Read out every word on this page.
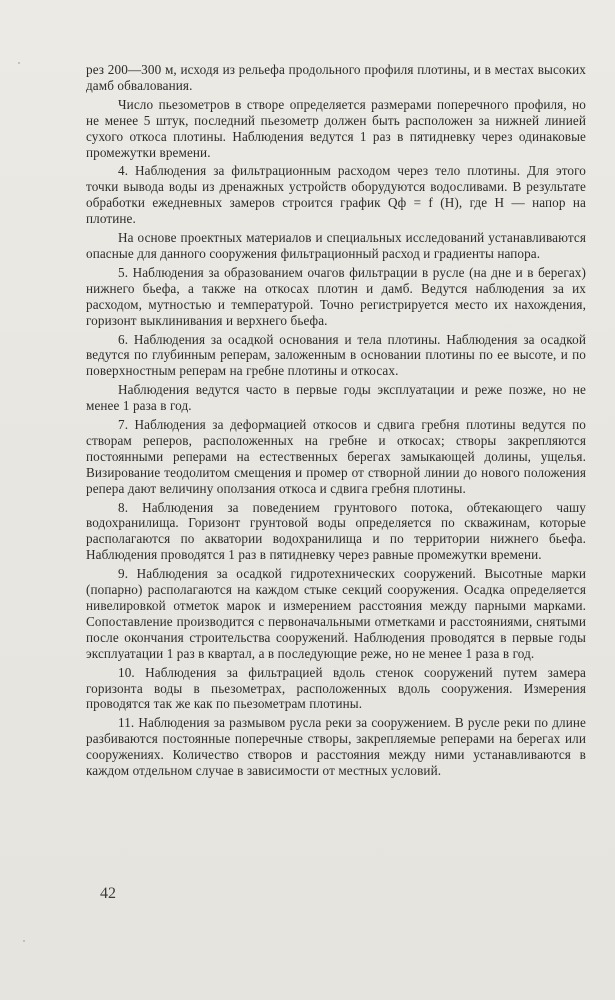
рез 200—300 м, исходя из рельефа продольного профиля плотины, и в местах высоких дамб обвалования.

Число пьезометров в створе определяется размерами поперечного профиля, но не менее 5 штук, последний пьезометр должен быть расположен за нижней линией сухого откоса плотины. Наблюдения ведутся 1 раз в пятидневку через одинаковые промежутки времени.

4. Наблюдения за фильтрационным расходом через тело плотины. Для этого точки вывода воды из дренажных устройств оборудуются водосливами. В результате обработки ежедневных замеров строится график Qф = f (H), где H — напор на плотине.

На основе проектных материалов и специальных исследований устанавливаются опасные для данного сооружения фильтрационный расход и градиенты напора.

5. Наблюдения за образованием очагов фильтрации в русле (на дне и в берегах) нижнего бьефа, а также на откосах плотин и дамб. Ведутся наблюдения за их расходом, мутностью и температурой. Точно регистрируется место их нахождения, горизонт выклинивания и верхнего бьефа.

6. Наблюдения за осадкой основания и тела плотины. Наблюдения за осадкой ведутся по глубинным реперам, заложенным в основании плотины по ее высоте, и по поверхностным реперам на гребне плотины и откосах.

Наблюдения ведутся часто в первые годы эксплуатации и реже позже, но не менее 1 раза в год.

7. Наблюдения за деформацией откосов и сдвига гребня плотины ведутся по створам реперов, расположенных на гребне и откосах; створы закрепляются постоянными реперами на естественных берегах замыкающей долины, ущелья. Визирование теодолитом смещения и промер от створной линии до нового положения репера дают величину оползания откоса и сдвига гребня плотины.

8. Наблюдения за поведением грунтового потока, обтекающего чашу водохранилища. Горизонт грунтовой воды определяется по скважинам, которые располагаются по акватории водохранилища и по территории нижнего бьефа. Наблюдения проводятся 1 раз в пятидневку через равные промежутки времени.

9. Наблюдения за осадкой гидротехнических сооружений. Высотные марки (попарно) располагаются на каждом стыке секций сооружения. Осадка определяется нивелировкой отметок марок и измерением расстояния между парными марками. Сопоставление производится с первоначальными отметками и расстояниями, снятыми после окончания строительства сооружений. Наблюдения проводятся в первые годы эксплуатации 1 раз в квартал, а в последующие реже, но не менее 1 раза в год.

10. Наблюдения за фильтрацией вдоль стенок сооружений путем замера горизонта воды в пьезометрах, расположенных вдоль сооружения. Измерения проводятся так же как по пьезометрам плотины.

11. Наблюдения за размывом русла реки за сооружением. В русле реки по длине разбиваются постоянные поперечные створы, закрепляемые реперами на берегах или сооружениях. Количество створов и расстояния между ними устанавливаются в каждом отдельном случае в зависимости от местных условий.

42
